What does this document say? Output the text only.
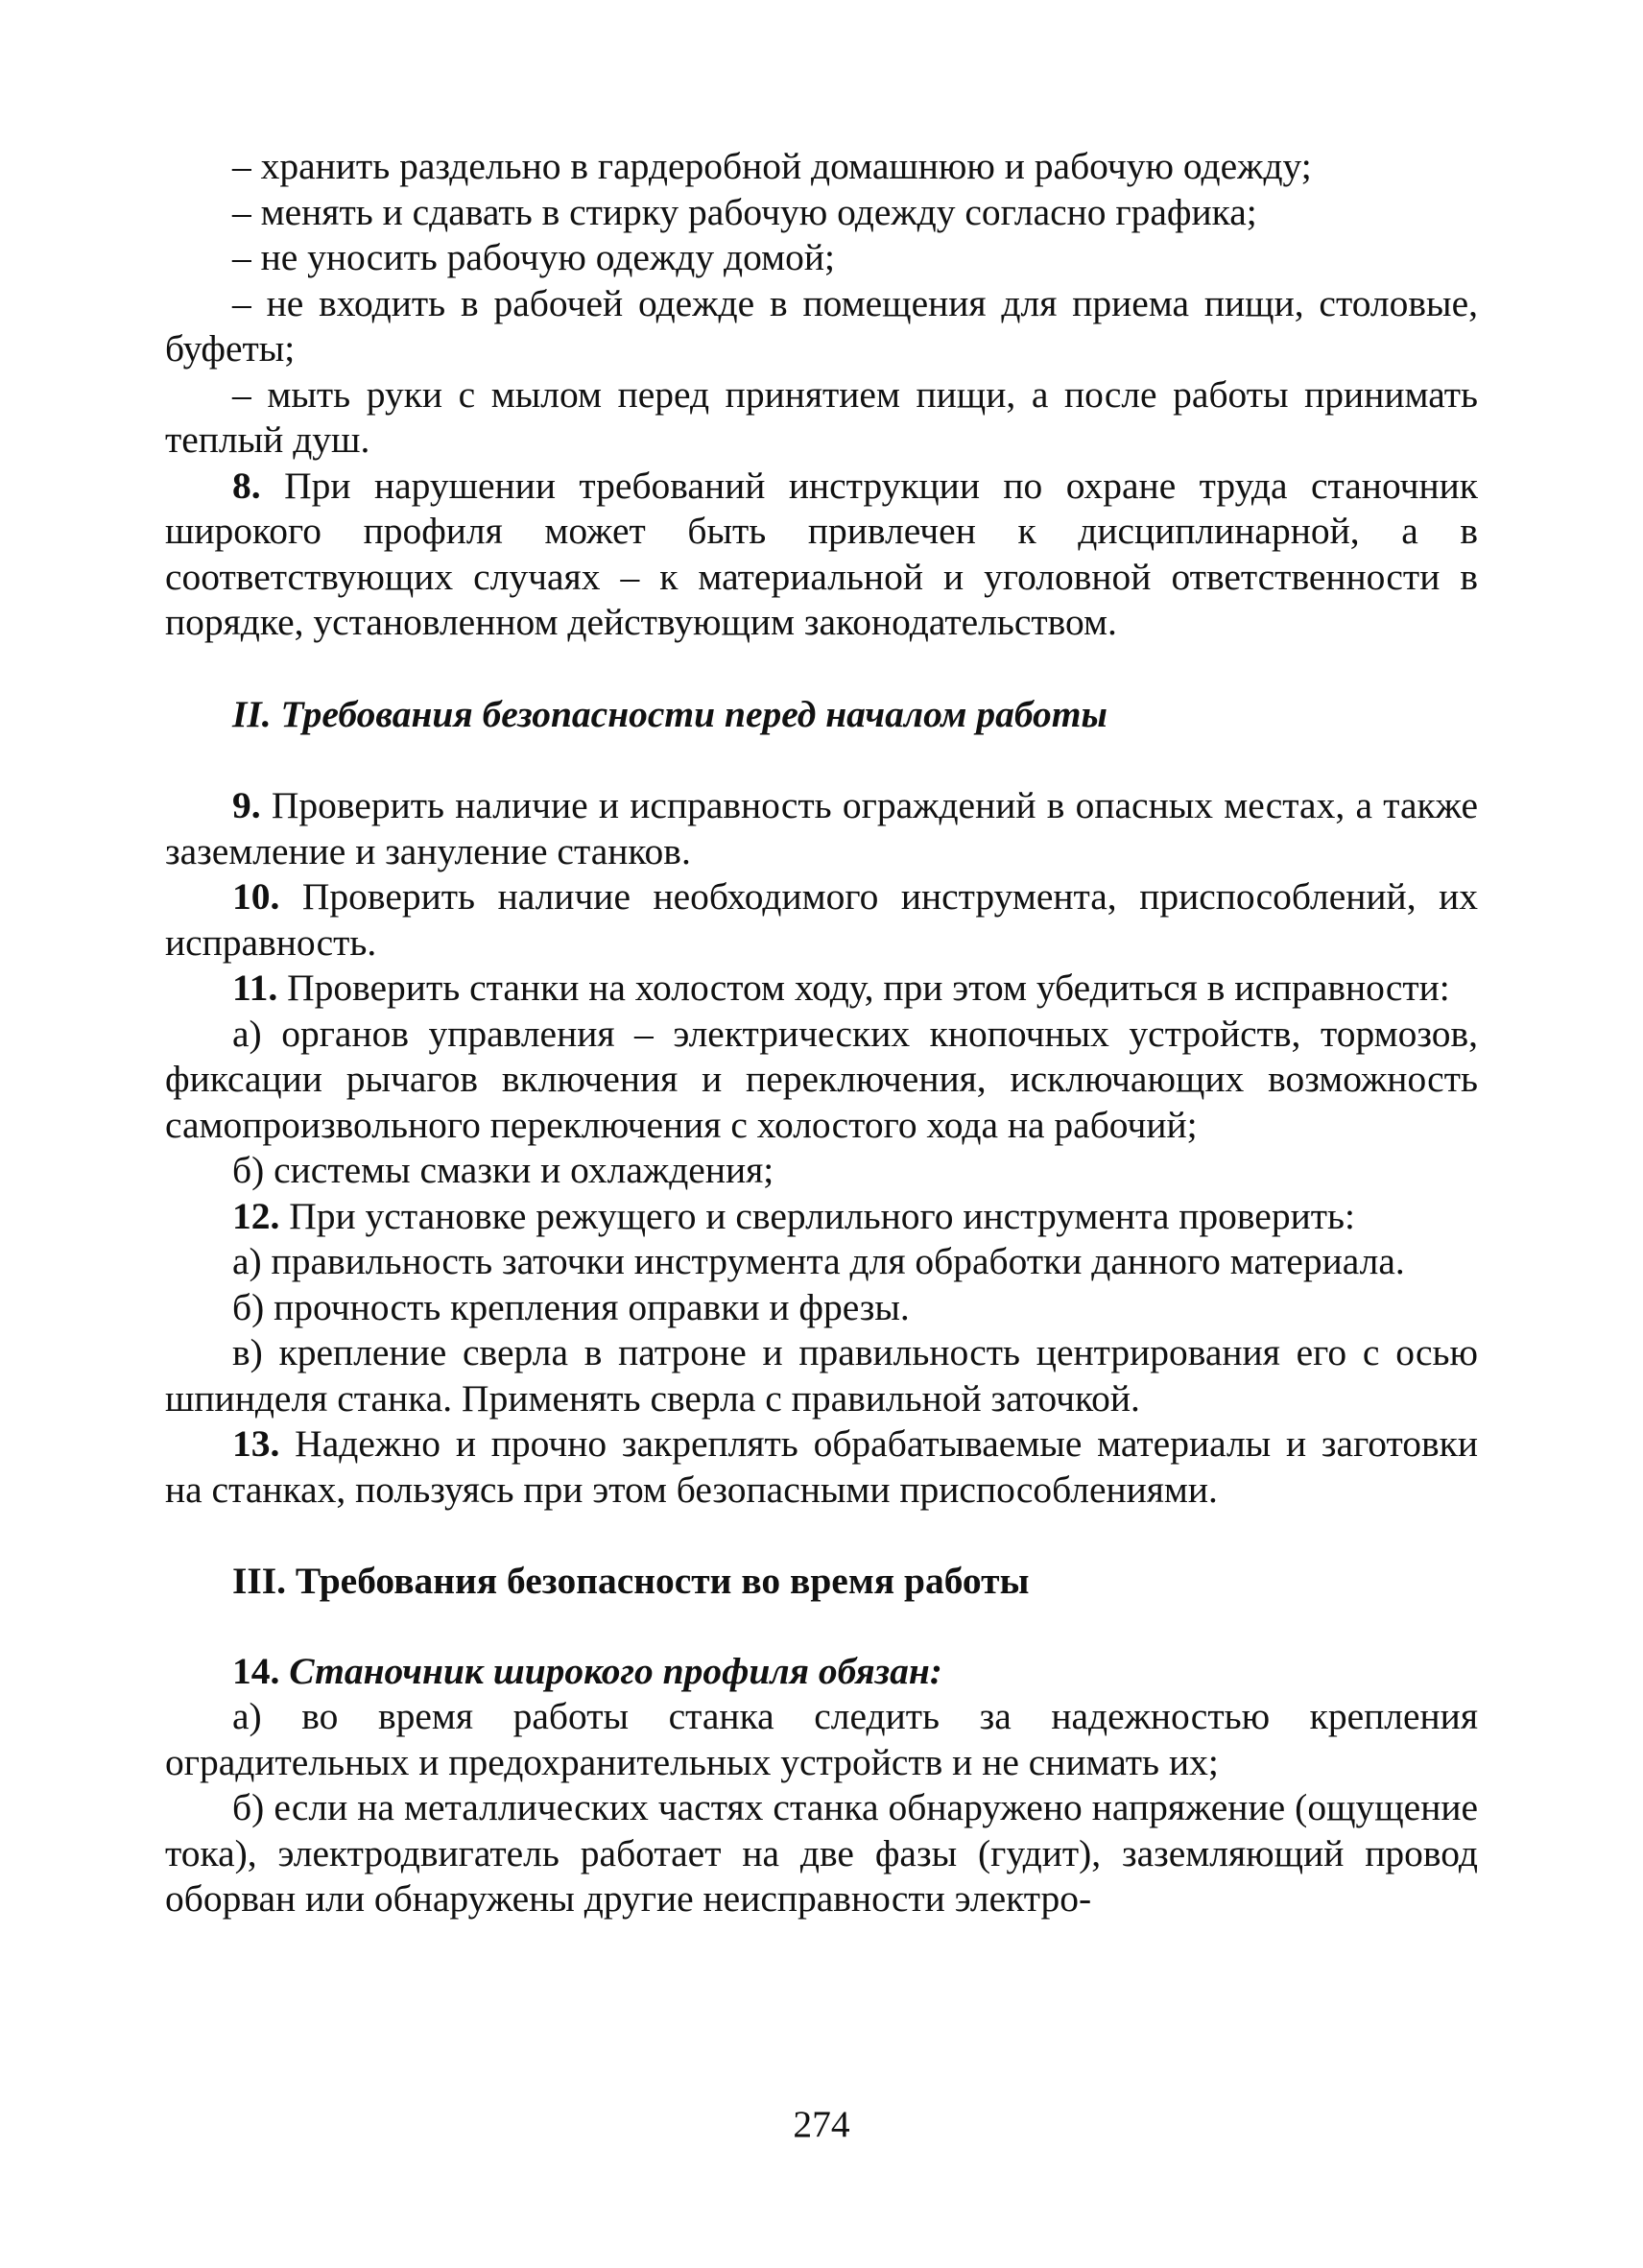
– хранить раздельно в гардеробной домашнюю и рабочую одежду;

– менять и сдавать в стирку рабочую одежду согласно графика;

– не уносить рабочую одежду домой;

– не входить в рабочей одежде в помещения для приема пищи, столовые, буфеты;

– мыть руки с мылом перед принятием пищи, а после работы принимать теплый душ.

8. При нарушении требований инструкции по охране труда станочник широкого профиля может быть привлечен к дисциплинарной, а в соответствующих случаях – к материальной и уголовной ответственности в порядке, установленном действующим законодательством.

II. Требования безопасности перед началом работы

9. Проверить наличие и исправность ограждений в опасных местах, а также заземление и зануление станков.

10. Проверить наличие необходимого инструмента, приспособлений, их исправность.

11. Проверить станки на холостом ходу, при этом убедиться в исправности:

а) органов управления – электрических кнопочных устройств, тормозов, фиксации рычагов включения и переключения, исключающих возможность самопроизвольного переключения с холостого хода на рабочий;

б) системы смазки и охлаждения;

12. При установке режущего и сверлильного инструмента проверить:

а) правильность заточки инструмента для обработки данного материала.

б) прочность крепления оправки и фрезы.

в) крепление сверла в патроне и правильность центрирования его с осью шпинделя станка. Применять сверла с правильной заточкой.

13. Надежно и прочно закреплять обрабатываемые материалы и заготовки на станках, пользуясь при этом безопасными приспособлениями.

III. Требования безопасности во время работы

14. Станочник широкого профиля обязан:

а) во время работы станка следить за надежностью крепления оградительных и предохранительных устройств и не снимать их;

б) если на металлических частях станка обнаружено напряжение (ощущение тока), электродвигатель работает на две фазы (гудит), заземляющий провод оборван или обнаружены другие неисправности электро-

274
